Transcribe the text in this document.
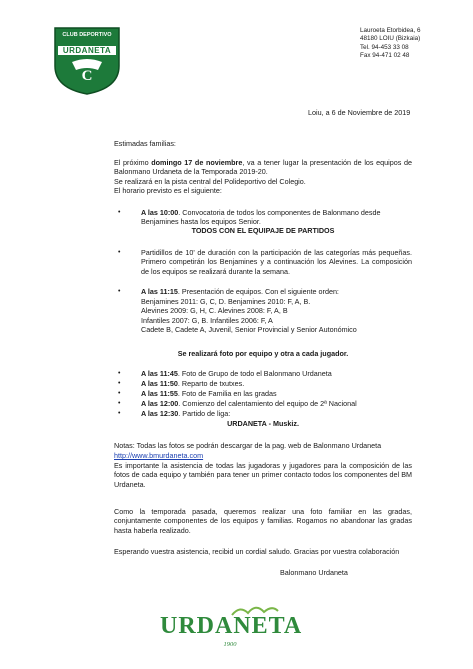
CLUB DEPORTIVO
URDANETA
C
Lauroeta Etorbidea, 6
48180 LOIU (Bizkaia)
Tel. 94-453 33 08
Fax 94-471 02 48
Loiu, a 6 de Noviembre de 2019
Estimadas familias:
El próximo domingo 17 de noviembre, va a tener lugar la presentación de los equipos de Balonmano Urdaneta de la Temporada 2019-20.
Se realizará en la pista central del Polideportivo del Colegio.
El horario previsto es el siguiente:
•	A las 10:00. Convocatoria de todos los componentes de Balonmano desde Benjamines hasta los equipos Senior.
TODOS CON EL EQUIPAJE DE PARTIDOS
•	Partidillos de 10' de duración con la participación de las categorías más pequeñas. Primero competirán los Benjamines y a continuación los Alevines. La composición de los equipos se realizará durante la semana.
•	A las 11:15. Presentación de equipos. Con el siguiente orden:
Benjamines 2011: G, C, D. Benjamines 2010: F, A, B.
Alevines 2009: G, H, C. Alevines 2008: F, A, B
Infantiles 2007: G, B. Infantiles 2006: F, A
Cadete B, Cadete A, Juvenil, Senior Provincial y Senior Autonómico
Se realizará foto por equipo y otra a cada jugador.
•	A las 11:45. Foto de Grupo de todo el Balonmano Urdaneta
•	A las 11:50. Reparto de txutxes.
•	A las 11:55. Foto de Familia en las gradas
•	A las 12:00. Comienzo del calentamiento del equipo de 2ª Nacional
•	A las 12:30. Partido de liga:
URDANETA - Muskiz.
Notas: Todas las fotos se podrán descargar de la pag. web de Balonmano Urdaneta
http://www.bmurdaneta.com
Es importante la asistencia de todas las jugadoras y jugadores para la composición de las fotos de cada equipo y también para tener un primer contacto todos los componentes del BM Urdaneta.
Como la temporada pasada, queremos realizar una foto familiar en las gradas, conjuntamente componentes de los equipos y familias. Rogamos no abandonar las gradas hasta haberla realizado.
Esperando vuestra asistencia, recibid un cordial saludo. Gracias por vuestra colaboración
Balonmano Urdaneta
URDANETA
1900
